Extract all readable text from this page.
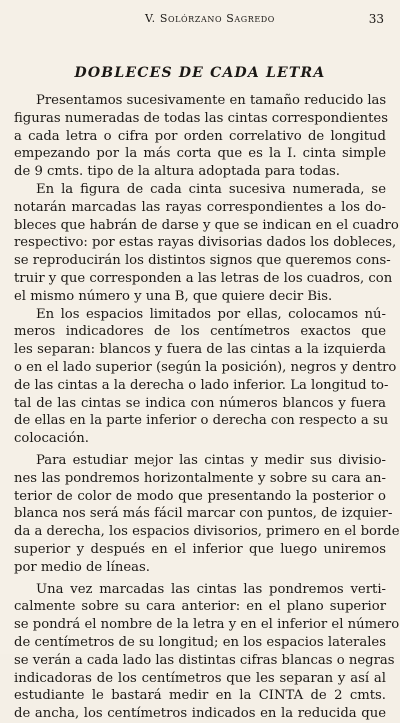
V. Solórzano Sagredo	33
DOBLECES DE CADA LETRA
Presentamos sucesivamente en tamaño reducido las
figuras numeradas de todas las cintas correspondientes
a cada letra o cifra por orden correlativo de longitud
empezando por la más corta que es la I. cinta simple
de 9 cmts. tipo de la altura adoptada para todas.
En la figura de cada cinta sucesiva numerada, se
notarán marcadas las rayas correspondientes a los do-
bleces que habrán de darse y que se indican en el cuadro
respectivo: por estas rayas divisorias dados los dobleces,
se reproducirán los distintos signos que queremos cons-
truir y que corresponden a las letras de los cuadros, con
el mismo número y una B, que quiere decir Bis.
En los espacios limitados por ellas, colocamos nú-
meros indicadores de los centímetros exactos que
les separan: blancos y fuera de las cintas a la izquierda
o en el lado superior (según la posición), negros y dentro
de las cintas a la derecha o lado inferior. La longitud to-
tal de las cintas se indica con números blancos y fuera
de ellas en la parte inferior o derecha con respecto a su
colocación.
Para estudiar mejor las cintas y medir sus divisio-
nes las pondremos horizontalmente y sobre su cara an-
terior de color de modo que presentando la posterior o
blanca nos será más fácil marcar con puntos, de izquier-
da a derecha, los espacios divisorios, primero en el borde
superior y después en el inferior que luego uniremos
por medio de líneas.
Una vez marcadas las cintas las pondremos verti-
calmente sobre su cara anterior: en el plano superior
se pondrá el nombre de la letra y en el inferior el número
de centímetros de su longitud; en los espacios laterales
se verán a cada lado las distintas cifras blancas o negras
indicadoras de los centímetros que les separan y así al
estudiante le bastará medir en la CINTA de 2 cmts.
de ancha, los centímetros indicados en la reducida que
